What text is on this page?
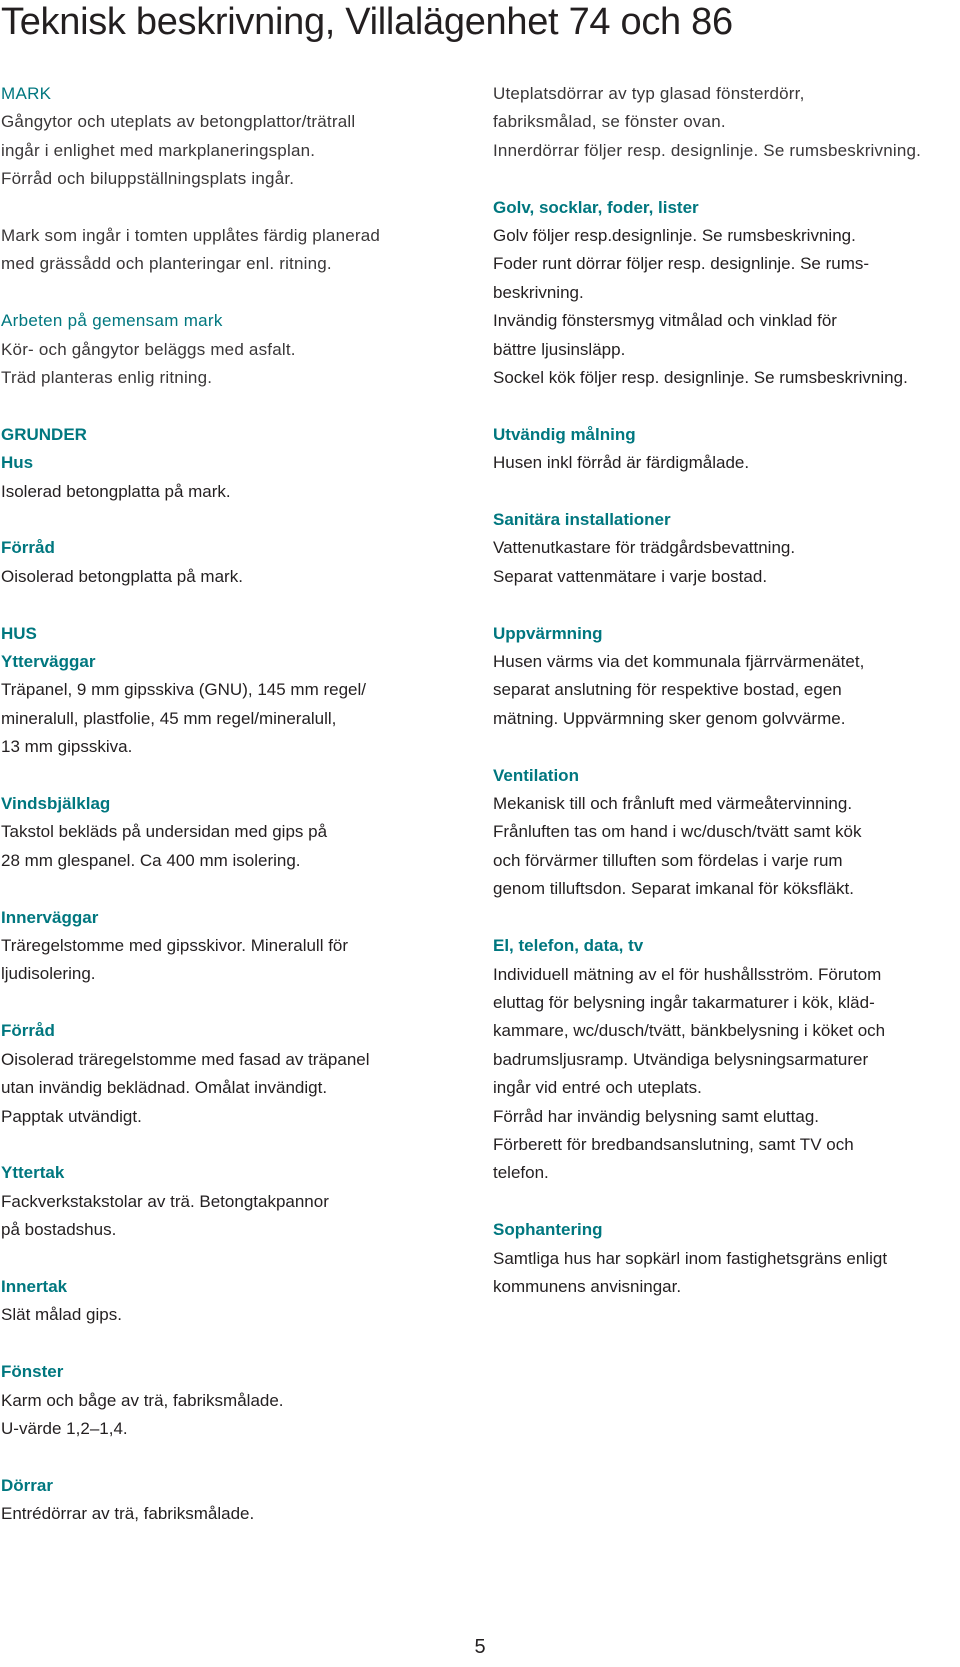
Teknisk beskrivning, Villalägenhet 74 och 86
MARK
Gångytor och uteplats av betongplattor/trätrall
ingår i enlighet med markplaneringsplan.
Förråd och biluppställningsplats ingår.
Mark som ingår i tomten upplåtes färdig planerad
med grässådd och planteringar enl. ritning.
Arbeten på gemensam mark
Kör- och gångytor beläggs med asfalt.
Träd planteras enlig ritning.
GRUNDER
Hus
Isolerad betongplatta på mark.
Förråd
Oisolerad betongplatta på mark.
HUS
Ytterväggar
Träpanel, 9 mm gipsskiva (GNU), 145 mm regel/
mineralull, plastfolie, 45 mm regel/mineralull,
13 mm gipsskiva.
Vindsbjälklag
Takstol bekläds på undersidan med gips på
28 mm glespanel. Ca 400 mm isolering.
Innerväggar
Träregelstomme med gipsskivor. Mineralull för
ljudisolering.
Förråd
Oisolerad träregelstomme med fasad av träpanel
utan invändig beklädnad. Omålat invändigt.
Papptak utvändigt.
Yttertak
Fackverkstakstolar av trä. Betongtakpannor
på bostadshus.
Innertak
Slät målad gips.
Fönster
Karm och båge av trä, fabriksmålade.
U-värde 1,2–1,4.
Dörrar
Entrédörrar av trä, fabriksmålade.
Uteplatsdörrar av typ glasad fönsterdörr,
fabriksmålad, se fönster ovan.
Innerdörrar följer resp. designlinje. Se rumsbeskrivning.
Golv, socklar, foder, lister
Golv följer resp.designlinje. Se rumsbeskrivning.
Foder runt dörrar följer resp. designlinje. Se rums-
beskrivning.
Invändig fönstersmyg vitmålad och vinklad för
bättre ljusinsläpp.
Sockel kök följer resp. designlinje. Se rumsbeskrivning.
Utvändig målning
Husen inkl förråd är färdigmålade.
Sanitära installationer
Vattenutkastare för trädgårdsbevattning.
Separat vattenmätare i varje bostad.
Uppvärmning
Husen värms via det kommunala fjärrvärmenätet,
separat anslutning för respektive bostad, egen
mätning. Uppvärmning sker genom golvvärme.
Ventilation
Mekanisk till och frånluft med värmeåtervinning.
Frånluften tas om hand i wc/dusch/tvätt samt kök
och förvärmer tilluften som fördelas i varje rum
genom tilluftsdon. Separat imkanal för köksfläkt.
El, telefon, data, tv
Individuell mätning av el för hushållsström. Förutom
eluttag för belysning ingår takarmaturer i kök, kläd-
kammare, wc/dusch/tvätt, bänkbelysning i köket och
badrumsljusramp. Utvändiga belysningsarmaturer
ingår vid entré och uteplats.
Förråd har invändig belysning samt eluttag.
Förberett för bredbandsanslutning, samt TV och
telefon.
Sophantering
Samtliga hus har sopkärl inom fastighetsgräns enligt
kommunens anvisningar.
5
